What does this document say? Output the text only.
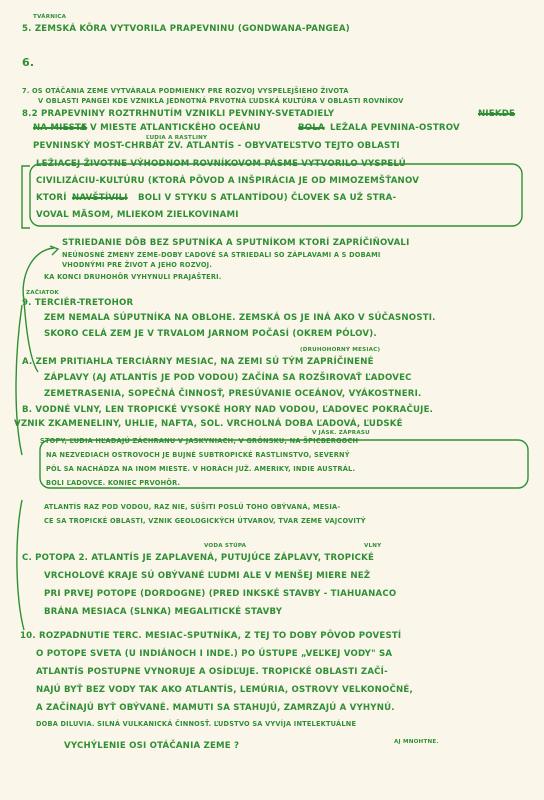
TVÁRNICA
5. ZEMSKÁ KÔRA VYTVORILA PRAPEVNINU (GONDWANA-PANGEA)
6.
7. OS OTÁČANIA ZEME VYTVÁRALA PODMIENKY PRE ROZVOJ VYSPELEJŠIEHO ŽIVOTA
V OBLASTI PANGEI KDE VZNIKLA JEDNOTNÁ PRVOTNÁ ĽUDSKÁ KULTÚRA V OBLASTI ROVNÍKOV
8.2 PRAPEVNINY ROZTRHNUTÍM VZNIKLI PEVNINY-SVETADIELY	NIEKDE
NA MIESTE
A V MIESTE ATLANTICKÉHO OCEÁNU	BOLA LEŽALA PEVNINA-OSTROV
ĽUDIA A RASTLINY
PEVNINSKÝ MOST-CHRBÁT ZV. ATLANTÍS - OBYVATEĽSTVO TEJTO OBLASTI
LEŽIACEJ ŽIVOTNE VÝHODNOM ROVNÍKOVOM PÁSME VYTVORILO VYSPELÚ
CIVILIZÁCIU-KULTÚRU (KTORÁ PÔVOD A INŠPIRÁCIA JE OD MIMOZEMŠŤANOV
KTORÍ NAVŠTÍVILI BOLI V STYKU S ATLANTÍDOU) ČLOVEK SA UŽ STRA-
VOVAL MÄSOM, MLIEKOM ZIELKOVINAMI
STRIEDANIE DÔB BEZ SPUTNÍKA A SPUTNÍKOM KTORÍ ZAPRÍČIŇOVALI
NEÚNOSNÉ ZMENY ZEME-DOBY ĽADOVÉ SA STRIEDALI SO ZÁPLAVAMI A S DOBAMI
VHODNÝMI PRE ŽIVOT A JEHO ROZVOJ.
KA KONCI DRUHOHÔR VYHYNULI PRAJAŠTERI.
ZAČIATOK
9. TERCIÉR-TRETOHOR
ZEM NEMALA SÚPUTNÍKA NA OBLOHE. ZEMSKÁ OS JE INÁ AKO V SÚČASNOSTI.
SKORO CELÁ ZEM JE V TRVALOM JARNOM POČASÍ (OKREM PÓLOV).
(DRUHOHORNÝ MESIAC)
A. ZEM PRITIAHLA TERCIÁRNY MESIAC, NA ZEMI SÚ TÝM ZAPRÍČINENÉ
ZÁPLAVY (AJ ATLANTÍS JE POD VODOU) ZAČÍNA SA ROZŠIROVAŤ ĽADOVEC
ZEMETRASENIA, SOPEČNÁ ČINNOSŤ, PRESÚVANIE OCEÁNOV, VYÁKOSTNERI.
B. VODNÉ VLNY, LEN TROPICKÉ VYSOKÉ HORY NAD VODOU, ĽADOVEC POKRAČUJE.
VZNIK ZKAMENELINY, UHLIE, NAFTA, SOL. VRCHOLNÁ DOBA ĽADOVÁ, ĽUDSKÉ
V JÁSK. ZÁPRASU
STOPY, ĽUDIA HĽADAJÚ ZÁCHRANU V JASKYNIACH, V GRÓNSKU, NA ŠPICBERGOCH
NA NEZVEDIACH OSTROVOCH JE BUJNÉ SUBTROPICKÉ RASTLINSTVO, SEVERNÝ
PÓL SA NACHÁDZA NA INOM MIESTE. V HORÁCH JUŽ. AMERIKY, INDIE AUSTRÁL.
BOLI ĽADOVCE. KONIEC PRVOHÔR.
ATLANTÍS RAZ POD VODOU, RAZ NIE, SÚŠITI POSLÚ TOHO OBÝVANÁ, MESIA-
CE SA TROPICKÉ OBLASTI, VZNIK GEOLOGICKÝCH ÚTVAROV, TVAR ZEME VAJCOVITÝ
VODA STÚPA	VLNY
C. POTOPA 2. ATLANTÍS JE ZAPLAVENÁ, PUTUJÚCE ZÁPLAVY, TROPICKÉ
VRCHOLOVÉ KRAJE SÚ OBÝVANÉ ĽUDMI ALE V MENŠEJ MIERE NEŽ
PRI PRVEJ POTOPE (DORDOGNE) (PRED INKSKÉ STAVBY - TIAHUANACO
BRÁNA MESIACA (SLNKA) MEGALITICKÉ STAVBY
10. ROZPADNUTIE TERC. MESIAC-SPUTNÍKA, Z TEJ TO DOBY PÔVOD POVESTÍ
O POTOPE SVETA (U INDIÁNOCH I INDE.) PO ÚSTUPE „VEĽKEJ VODY" SA
ATLANTÍS POSTUPNE VYNORUJE A OSÍDĽUJE. TROPICKÉ OBLASTI ZAČÍ-
NAJÚ BYŤ BEZ VODY TAK AKO ATLANTÍS, LEMÚRIA, OSTROVY VELKONOČNÉ,
A ZAČÍNAJÚ BYŤ OBÝVANÉ. MAMUTI SA STAHUJÚ, ZAMRZAJÚ A VYHYNÚ.
DOBA DILUVIA. SILNÁ VULKANICKÁ ČINNOSŤ. ĽUDSTVO SA VYVÍJA INTELEKTUÁLNE
VYCHÝLENIE OSI OTÁČANIA ZEME ?	AJ MNOHTNE.
